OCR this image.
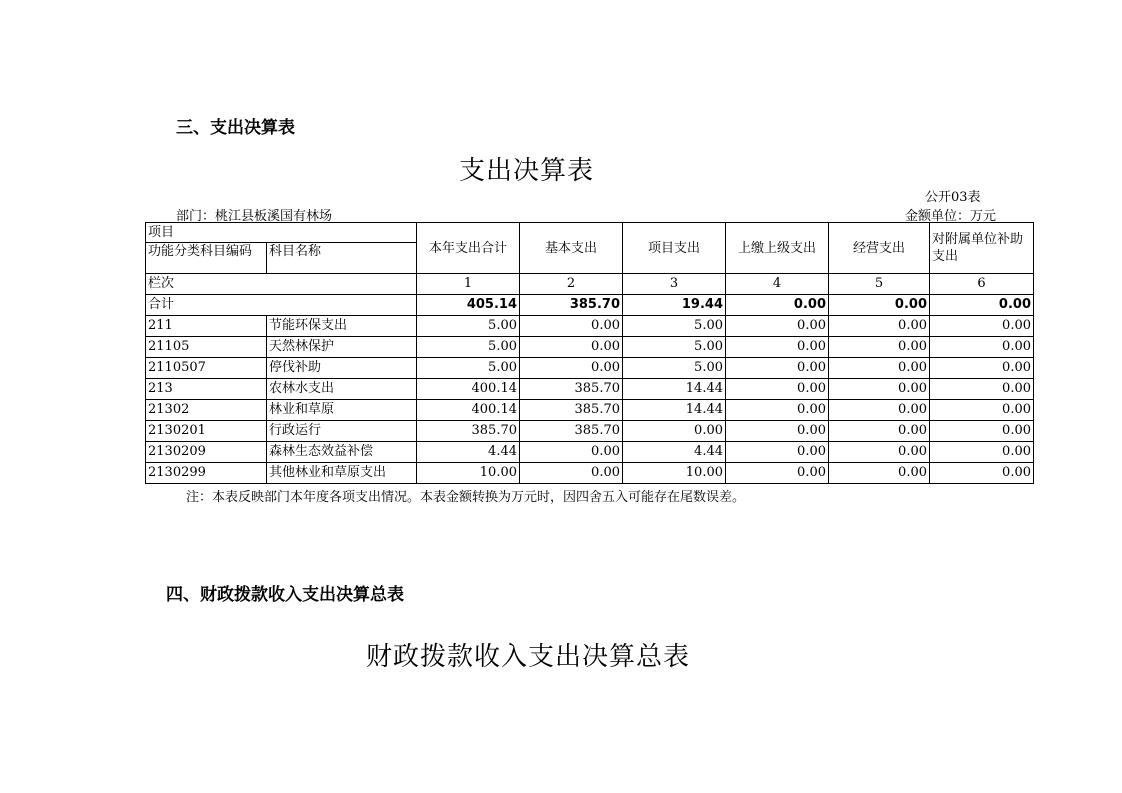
三、支出决算表
支出决算表
公开03表
部门：桃江县板溪国有林场	金额单位：万元
项目		本年支出合计	基本支出	项目支出	上缴上级支出	经营支出	对附属单位补助支出
功能分类科目编码	科目名称						
栏次		1	2	3	4	5	6
合计		405.14	385.70	19.44	0.00	0.00	0.00
211	节能环保支出	5.00	0.00	5.00	0.00	0.00	0.00
21105	天然林保护	5.00	0.00	5.00	0.00	0.00	0.00
2110507	停伐补助	5.00	0.00	5.00	0.00	0.00	0.00
213	农林水支出	400.14	385.70	14.44	0.00	0.00	0.00
21302	林业和草原	400.14	385.70	14.44	0.00	0.00	0.00
2130201	行政运行	385.70	385.70	0.00	0.00	0.00	0.00
2130209	森林生态效益补偿	4.44	0.00	4.44	0.00	0.00	0.00
2130299	其他林业和草原支出	10.00	0.00	10.00	0.00	0.00	0.00
注：本表反映部门本年度各项支出情况。本表金额转换为万元时，因四舍五入可能存在尾数误差。
四、财政拨款收入支出决算总表
财政拨款收入支出决算总表
